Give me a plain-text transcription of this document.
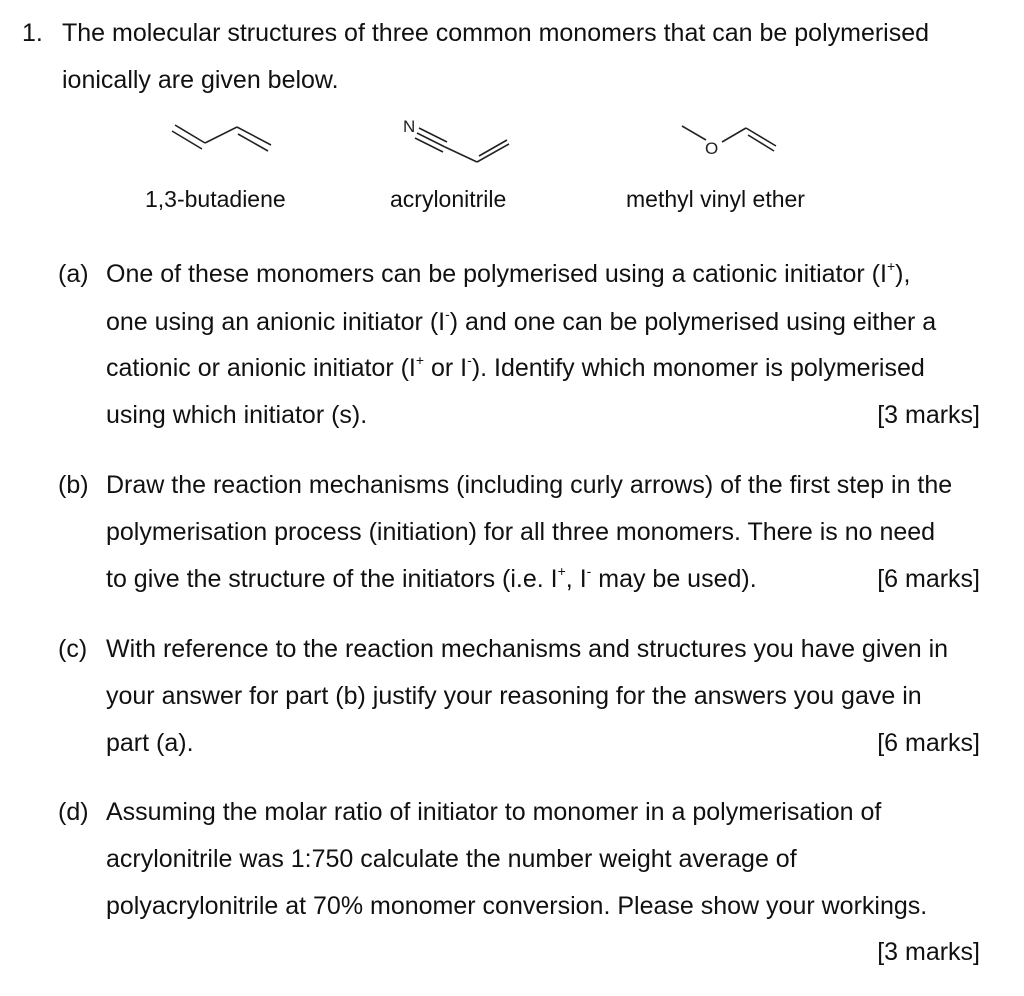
1. The molecular structures of three common monomers that can be polymerised
ionically are given below.
1,3-butadiene
N
acrylonitrile
O
methyl vinyl ether
(a) One of these monomers can be polymerised using a cationic initiator (I+),
one using an anionic initiator (I-) and one can be polymerised using either a
cationic or anionic initiator (I+ or I-). Identify which monomer is polymerised
using which initiator (s).	[3 marks]
(b) Draw the reaction mechanisms (including curly arrows) of the first step in the
polymerisation process (initiation) for all three monomers. There is no need
to give the structure of the initiators (i.e. I+, I- may be used).	[6 marks]
(c) With reference to the reaction mechanisms and structures you have given in
your answer for part (b) justify your reasoning for the answers you gave in
part (a).	[6 marks]
(d) Assuming the molar ratio of initiator to monomer in a polymerisation of
acrylonitrile was 1:750 calculate the number weight average of
polyacrylonitrile at 70% monomer conversion. Please show your workings.
[3 marks]
